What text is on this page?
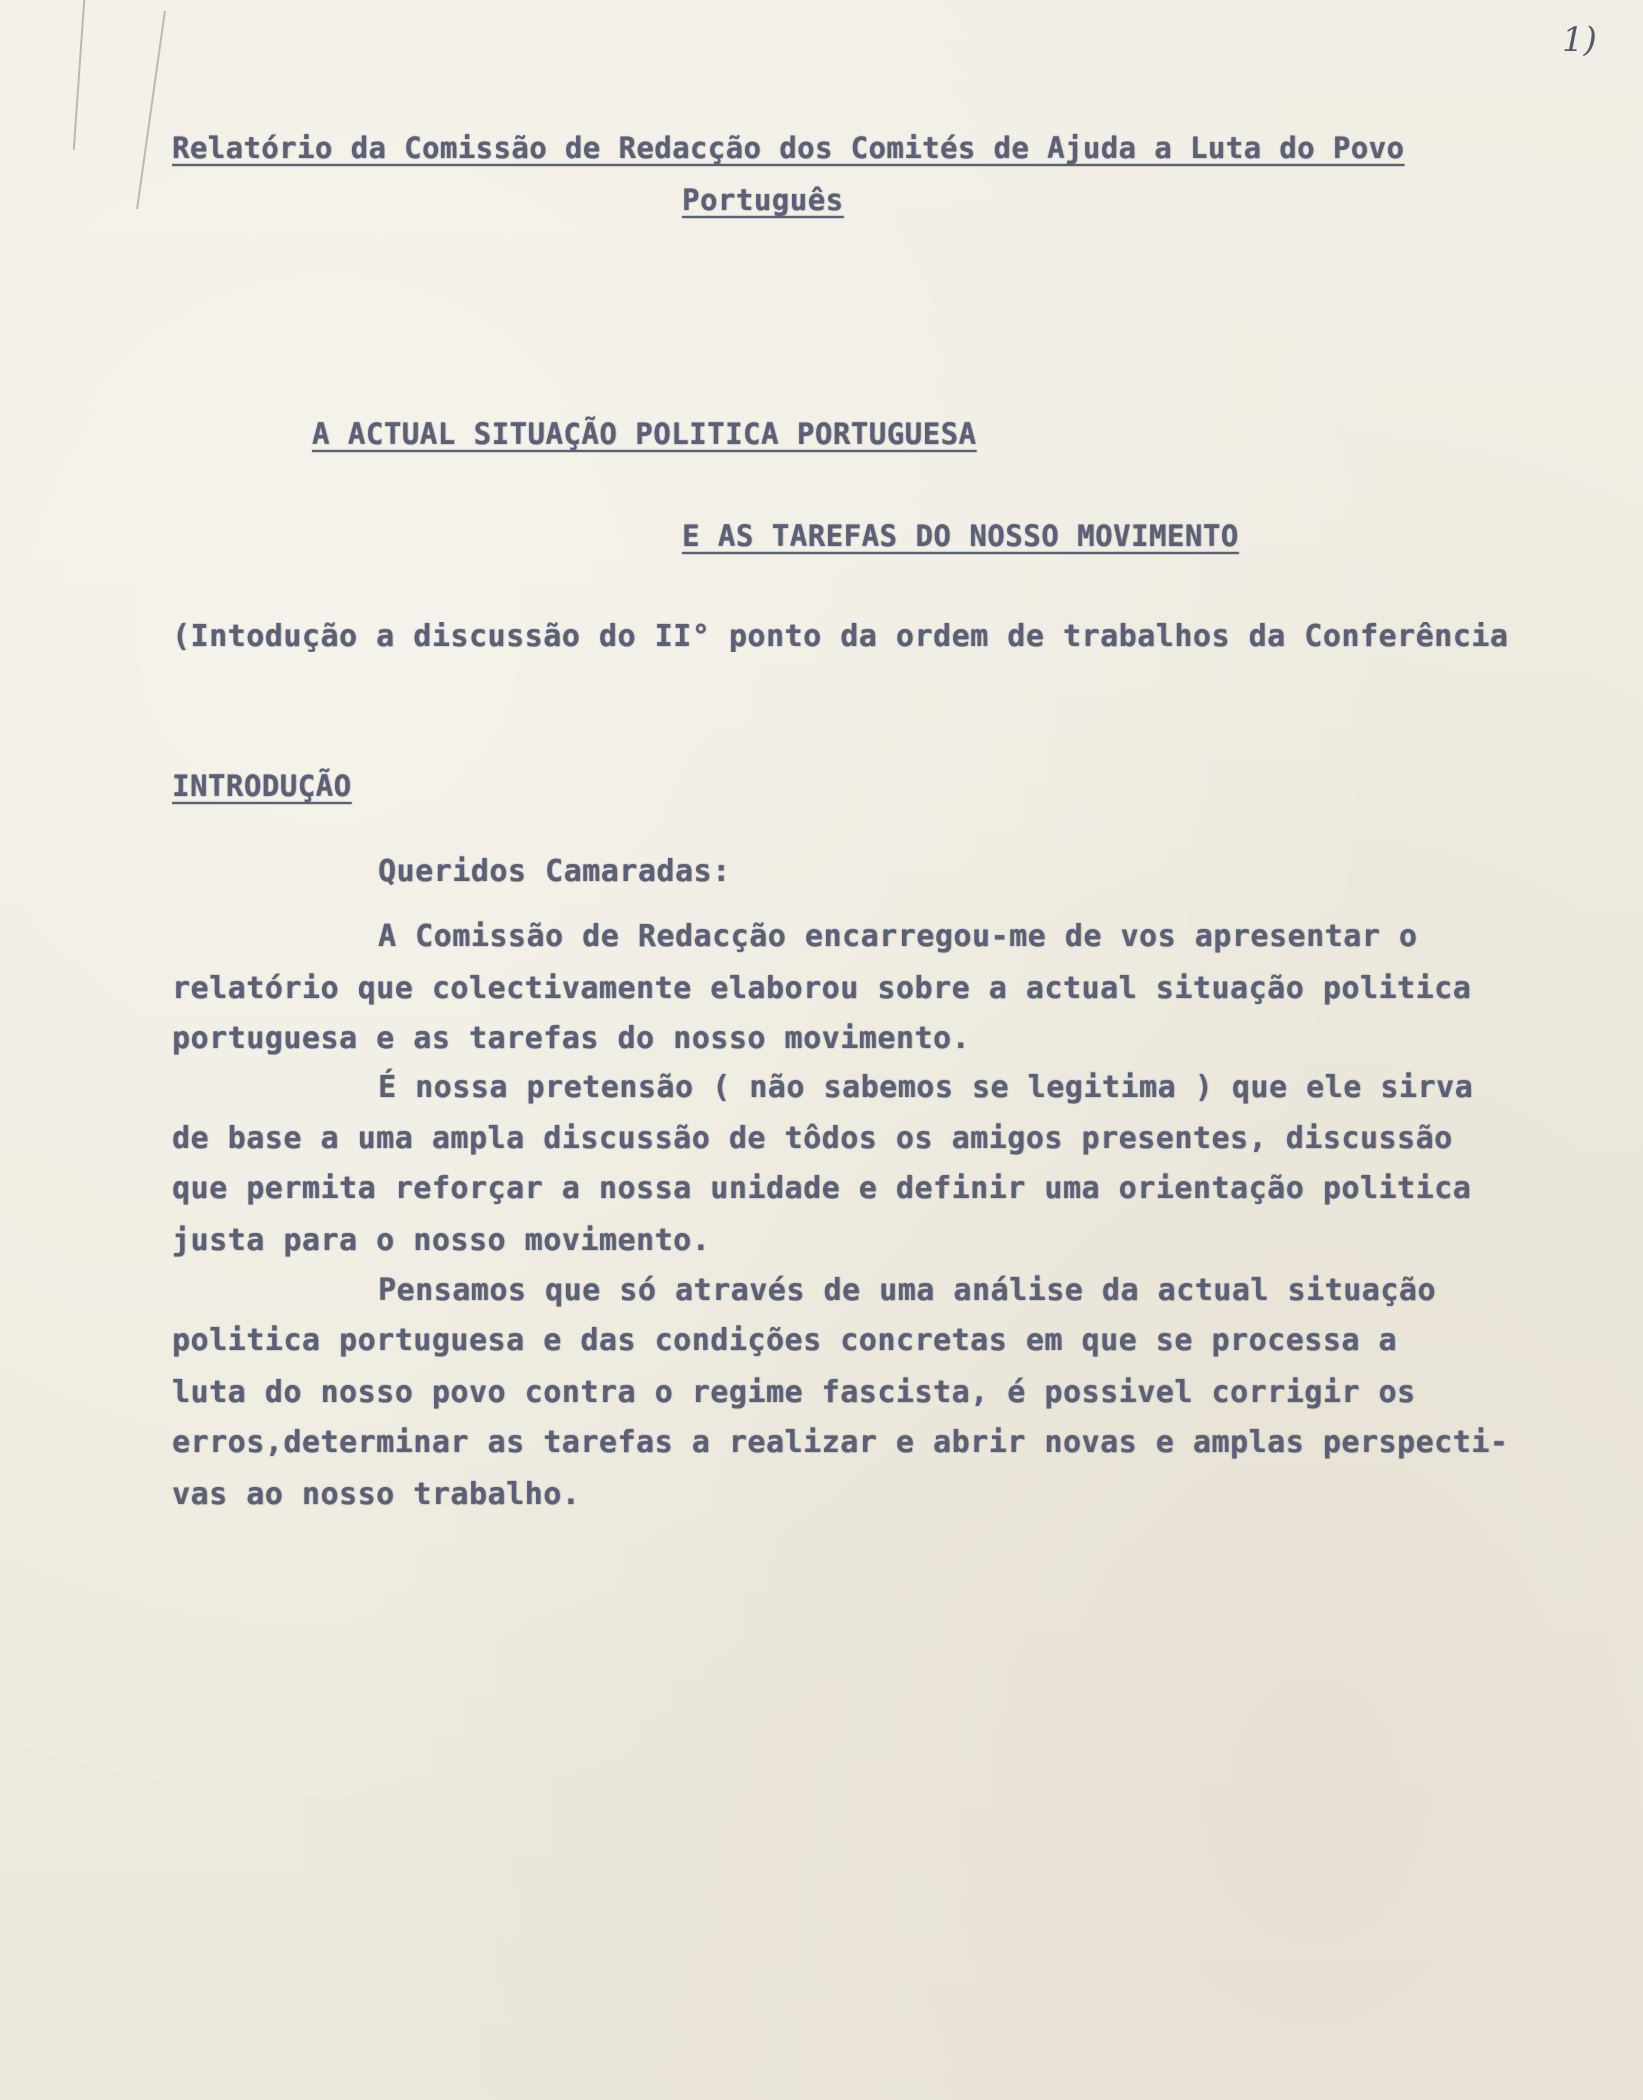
1)
Relatório da Comissão de Redacção dos Comités de Ajuda a Luta do Povo
Português
A ACTUAL SITUAÇÃO POLITICA PORTUGUESA
E AS TAREFAS DO NOSSO MOVIMENTO
(Intodução a discussão do II° ponto da ordem de trabalhos da Conferência
INTRODUÇÃO
Queridos Camaradas:
A Comissão de Redacção encarregou-me de vos apresentar o
relatório que colectivamente elaborou sobre a actual situação politica
portuguesa e as tarefas do nosso movimento.
É nossa pretensão ( não sabemos se legitima ) que ele sirva
de base a uma ampla discussão de tôdos os amigos presentes, discussão
que permita reforçar a nossa unidade e definir uma orientação politica
justa para o nosso movimento.
Pensamos que só através de uma análise da actual situação
politica portuguesa e das condições concretas em que se processa a
luta do nosso povo contra o regime fascista, é possivel corrigir os
erros,determinar as tarefas a realizar e abrir novas e amplas perspecti-
vas ao nosso trabalho.
